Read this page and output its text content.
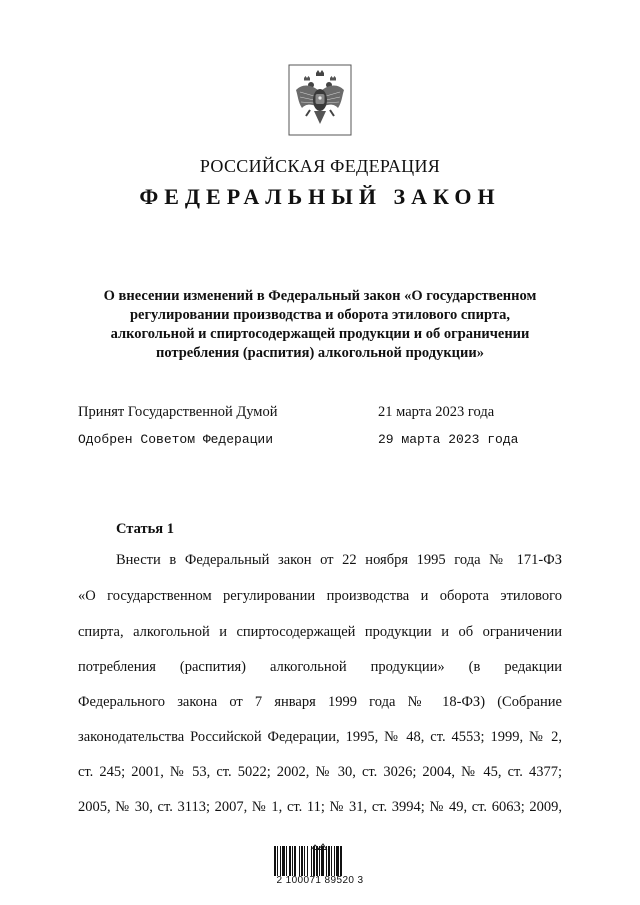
РОССИЙСКАЯ ФЕДЕРАЦИЯ
ФЕДЕРАЛЬНЫЙ ЗАКОН
О внесении изменений в Федеральный закон «О государственном
регулировании производства и оборота этилового спирта,
алкогольной и спиртосодержащей продукции и об ограничении
потребления (распития) алкогольной продукции»
Принят Государственной Думой	21 марта 2023 года
Одобрен Советом Федерации	29 марта 2023 года
Статья 1
Внести в Федеральный закон от 22 ноября 1995 года № 171-ФЗ
«О государственном регулировании производства и оборота этилового
спирта, алкогольной и спиртосодержащей продукции и об ограничении
потребления (распития) алкогольной продукции» (в редакции
Федерального закона от 7 января 1999 года № 18-ФЗ) (Собрание
законодательства Российской Федерации, 1995, № 48, ст. 4553; 1999, № 2,
ст. 245; 2001, № 53, ст. 5022; 2002, № 30, ст. 3026; 2004, № 45, ст. 4377;
2005, № 30, ст. 3113; 2007, № 1, ст. 11; № 31, ст. 3994; № 49, ст. 6063; 2009,
2 100071 89520 3
